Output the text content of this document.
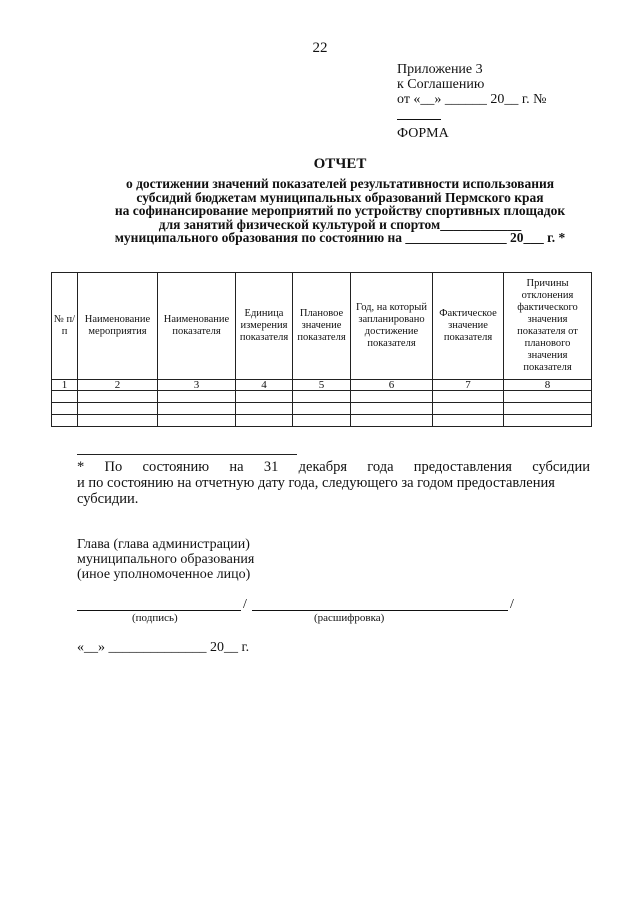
22
Приложение 3
к Соглашению
от «__» ______ 20__ г. №
ФОРМА
ОТЧЕТ
о достижении значений показателей результативности использования
субсидий бюджетам муниципальных образований Пермского края
на софинансирование мероприятий по устройству спортивных площадок
для занятий физической культурой и спортом____________
муниципального образования по состоянию на _______________ 20___ г. *
№ п/п	Наименование мероприятия	Наименование показателя	Единица измерения показателя	Плановое значение показателя	Год, на который запланировано достижение показателя	Фактическое значение показателя	Причины отклонения фактического значения показателя от планового значения показателя
1	2	3	4	5	6	7	8

* По состоянию на 31 декабря года предоставления субсидии
и по состоянию на отчетную дату года, следующего за годом предоставления
субсидии.
Глава (глава администрации)
муниципального образования
(иное уполномоченное лицо)
/	/
(подпись)	(расшифровка)
«__» ______________ 20__ г.
